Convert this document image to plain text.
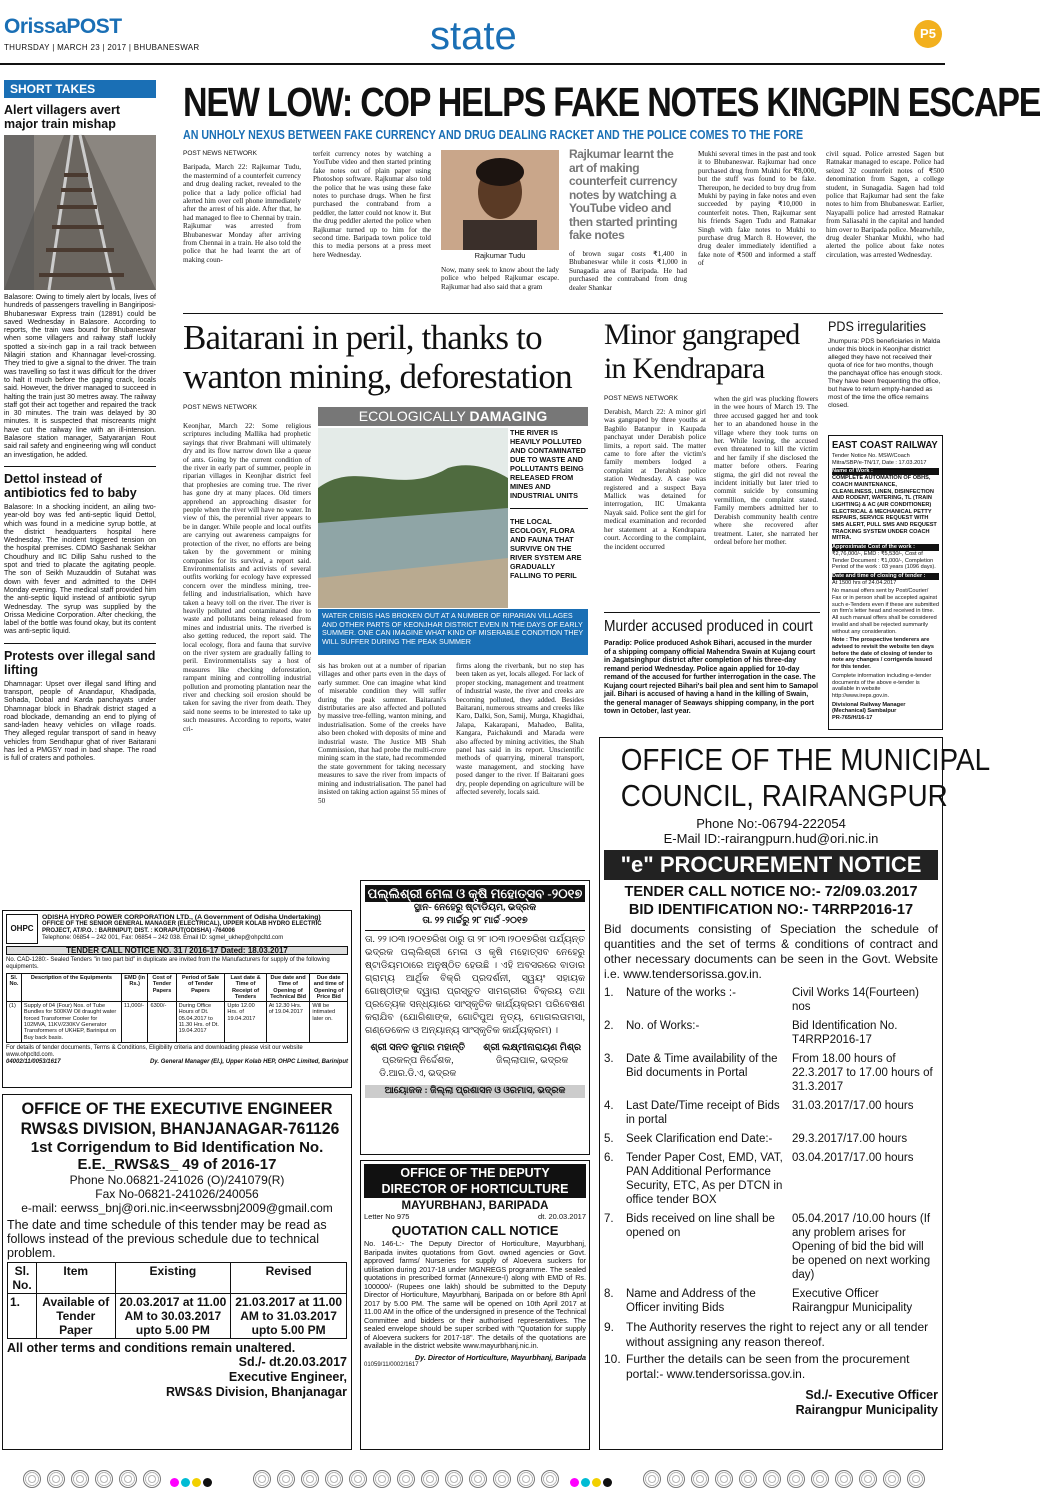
OrissaPOST
THURSDAY | MARCH 23 | 2017 | BHUBANESWAR	state	P5
SHORT TAKES
Alert villagers avert major train mishap
Balasore: Owing to timely alert by locals, lives of hundreds of passengers travelling in Bangiriposi-Bhubaneswar Express train (12891) could be saved Wednesday in Balasore. According to reports, the train was bound for Bhubaneswar when some villagers and railway staff luckily spotted a six-inch gap in a rail track between Nilagiri station and Khannagar level-crossing. They tried to give a signal to the driver. The train was travelling so fast it was difficult for the driver to halt it much before the gaping crack, locals said. However, the driver managed to succeed in halting the train just 30 metres away. The railway staff got their act together and repaired the track in 30 minutes. The train was delayed by 30 minutes. It is suspected that miscreants might have cut the railway line with an ill-intension. Balasore station manager, Satyaranjan Rout said rail safety and engineering wing will conduct an investigation, he added.
Dettol instead of antibiotics fed to baby
Balasore: In a shocking incident, an ailing two-year-old boy was fed anti-septic liquid Dettol, which was found in a medicine syrup bottle, at the district headquarters hospital here Wednesday. The incident triggered tension on the hospital premises. CDMO Sashanak Sekhar Choudhury and IIC Dillip Sahu rushed to the spot and tried to placate the agitating people. The son of Seikh Muzauddin of Sutahat was down with fever and admitted to the DHH Monday evening. The medical staff provided him the anti-septic liquid instead of antibiotic syrup Wednesday. The syrup was supplied by the Orissa Medicine Corporation. After checking, the label of the bottle was found okay, but its content was anti-septic liquid.
Protests over illegal sand lifting
Dhamnagar: Upset over illegal sand lifting and transport, people of Anandapur, Khadipada, Sohada, Dobal and Karda panchayats under Dhamnagar block in Bhadrak district staged a road blockade, demanding an end to plying of sand-laden heavy vehicles on village roads. They alleged regular transport of sand in heavy vehicles from Sendhapur ghat of river Baitarani has led a PMGSY road in bad shape. The road is full of craters and potholes.
NEW LOW: COP HELPS FAKE NOTES KINGPIN ESCAPE
AN UNHOLY NEXUS BETWEEN FAKE CURRENCY AND DRUG DEALING RACKET AND THE POLICE COMES TO THE FORE
POST NEWS NETWORK
Baripada, March 22: Rajkumar Tudu, the mastermind of a counterfeit currency and drug dealing racket, revealed to the police that a lady police official had alerted him over cell phone immediately after the arrest of his aide. After that, he had managed to flee to Chennai by train. Rajkumar was arrested from Bhubaneswar Monday after arriving from Chennai in a train. He also told the police that he had learnt the art of making coun-
terfeit currency notes by watching a YouTube video and then started printing fake notes out of plain paper using Photoshop software. Rajkumar also told the police that he was using these fake notes to purchase drugs. When he first purchased the contraband from a peddler, the latter could not know it. But the drug peddler alerted the police when Rajkumar turned up to him for the second time. Baripada town police told this to media persons at a press meet here Wednesday.	Rajkumar Tudu
Now, many seek to know about the lady police who helped Rajkumar escape. Rajkumar had also said that a gram
Rajkumar learnt the art of making counterfeit currency notes by watching a YouTube video and then started printing fake notes
of brown sugar costs ₹1,400 in Bhubaneswar while it costs ₹1,000 in Sunagadia area of Baripada. He had purchased the contraband from drug dealer Shankar
Mukhi several times in the past and took it to Bhubaneswar. Rajkumar had once purchased drug from Mukhi for ₹8,000, but the stuff was found to be fake. Thereupon, he decided to buy drug from Mukhi by paying in fake notes and even succeeded by paying ₹10,000 in counterfeit notes. Then, Rajkumar sent his friends Sagen Tudu and Ratnakar Singh with fake notes to Mukhi to purchase drug March 8. However, the drug dealer immediately identified a fake note of ₹500 and informed a staff of
civil squad. Police arrested Sagen but Ratnakar managed to escape. Police had seized 32 counterfeit notes of ₹500 denomination from Sagen, a college student, in Sunagadia. Sagen had told police that Rajkumar had sent the fake notes to him from Bhubaneswar. Earlier, Nayapalli police had arrested Ratnakar from Saliasahi in the capital and handed him over to Baripada police. Meanwhile, drug dealer Shankar Mukhi, who had alerted the police about fake notes circulation, was arrested Wednesday.
Baitarani in peril, thanks to wanton mining, deforestation
POST NEWS NETWORK
Keonjhar, March 22: Some religious scriptures including Mallika had prophetic sayings that river Brahmani will ultimately dry and its flow narrow down like a queue of ants. Going by the current condition of the river in early part of summer, people in riparian villages in Keonjhar district feel that prophesies are coming true. The river has gone dry at many places. Old timers apprehend an approaching disaster for people when the river will have no water. In view of this, the perennial river appears to be in danger. While people and local outfits are carrying out awareness campaigns for protection of the river, no efforts are being taken by the government or mining companies for its survival, a report said. Environmentalists and activists of several outfits working for ecology have expressed concern over the mindless mining, tree-felling and industrialisation, which have taken a heavy toll on the river. The river is heavily polluted and contaminated due to waste and pollutants being released from mines and industrial units. The riverbed is also getting reduced, the report said. The local ecology, flora and fauna that survive on the river system are gradually falling to peril. Environmentalists say a host of measures like checking deforestation, rampant mining and controlling industrial pollution and promoting plantation near the river and checking soil erosion should be taken for saving the river from death. They said none seems to be interested to take up such measures. According to reports, water cri-
ECOLOGICALLY DAMAGING
THE RIVER IS HEAVILY POLLUTED AND CONTAMINATED DUE TO WASTE AND POLLUTANTS BEING RELEASED FROM MINES AND INDUSTRIAL UNITS
THE LOCAL ECOLOGY, FLORA AND FAUNA THAT SURVIVE ON THE RIVER SYSTEM ARE GRADUALLY FALLING TO PERIL
WATER CRISIS HAS BROKEN OUT AT A NUMBER OF RIPARIAN VILLAGES AND OTHER PARTS OF KEONJHAR DISTRICT EVEN IN THE DAYS OF EARLY SUMMER. ONE CAN IMAGINE WHAT KIND OF MISERABLE CONDITION THEY WILL SUFFER DURING THE PEAK SUMMER
sis has broken out at a number of riparian villages and other parts even in the days of early summer. One can imagine what kind of miserable condition they will suffer during the peak summer. Baitarani's distributaries are also affected and polluted by massive tree-felling, wanton mining, and industrialisation. Some of the creeks have also been choked with deposits of mine and industrial waste. The Justice MB Shah Commission, that had probe the multi-crore mining scam in the state, had recommended the state government for taking necessary measures to save the river from impacts of mining and industrialisation. The panel had insisted on taking action against 55 mines of 50
firms along the riverbank, but no step has been taken as yet, locals alleged. For lack of proper stocking, management and treatment of industrial waste, the river and creeks are becoming polluted, they added. Besides Baitarani, numerous streams and creeks like Karo, Dalki, Son, Samij, Murga, Khagidhai, Jalapa, Kakarapani, Mahadeo, Balita, Kangara, Paichakundi and Marada were also affected by mining activities, the Shah panel has said in its report. Unscientific methods of quarrying, mineral transport, waste management, and stocking have posed danger to the river. If Baitarani goes dry, people depending on agriculture will be affected severely, locals said.
Minor gangraped in Kendrapara
POST NEWS NETWORK
Derabish, March 22: A minor girl was gangraped by three youths at Bagbilo Batanpur in Kaupada panchayat under Derabish police limits, a report said. The matter came to fore after the victim's family members lodged a complaint at Derabish police station Wednesday. A case was registered and a suspect Baya Mallick was detained for interrogation, IIC Umakanta Nayak said. Police sent the girl for medical examination and recorded her statement at a Kendrapara court. According to the complaint, the incident occurred
when the girl was plucking flowers in the wee hours of March 19. The three accused gagged her and took her to an abandoned house in the village where they took turns on her. While leaving, the accused even threatened to kill the victim and her family if she disclosed the matter before others. Fearing stigma, the girl did not reveal the incident initially but later tried to commit suicide by consuming vermillion, the complaint stated. Family members admitted her to Derabish community health centre where she recovered after treatment. Later, she narrated her ordeal before her mother.
Murder accused produced in court
Paradip: Police produced Ashok Bihari, accused in the murder of a shipping company official Mahendra Swain at Kujang court in Jagatsinghpur district after completion of his three-day remand period Wednesday. Police again applied for 10-day remand of the accused for further interrogation in the case. The Kujang court rejected Bihari's bail plea and sent him to Samapol jail. Bihari is accused of having a hand in the killing of Swain, the general manager of Seaways shipping company, in the port town in October, last year.
PDS irregularities
Jhumpura: PDS beneficiaries in Malda under this block in Keonjhar district alleged they have not received their quota of rice for two months, though the panchayat office has enough stock. They have been frequenting the office, but have to return empty-handed as most of the time the office remains closed.
EAST COAST RAILWAY
Tender Notice No. MSW/Coach Mitra/SBP/e-TN/17, Date : 17.03.2017
Name of Work :
COMPLETE AUTOMATION OF OBHS, COACH MAINTENANCE, CLEANLINESS, LINEN, DISINFECTION AND RODENT, WATERING, TL (TRAIN LIGHTING) & AC (AIR CONDITIONER) ELECTRICAL & MECHANICAL PETTY REPAIRS, SERVICE REQUEST WITH SMS ALERT, PULL SMS AND REQUEST TRACKING SYSTEM UNDER COACH MITRA.
Approximate Cost of the work :
₹2,76,000/-, EMD : ₹5,530/-, Cost of Tender Document : ₹1,000/-, Completion Period of the work : 03 years (1096 days).
Date and time of closing of tender :
At 1500 hrs of 24.04.2017
No manual offers sent by Post/Courier/ Fax or in person shall be accepted against such e-Tenders even if these are submitted on firm's letter head and received in time. All such manual offers shall be considered invalid and shall be rejected summarily without any consideration.
Note : The prospective tenderers are advised to revisit the website ten days before the date of closing of tender to note any changes / corrigenda issued for this tender.
Complete information including e-tender documents of the above e-tender is available in website http://www.ireps.gov.in.
Divisional Railway Manager (Mechanical) Sambalpur
PR-765/H/16-17
OHPC
ODISHA HYDRO POWER CORPORATION LTD., (A Government of Odisha Undertaking)
OFFICE OF THE SENIOR GENERAL MANAGER (ELECTRICAL), UPPER KOLAB HYDRO ELECTRIC PROJECT, AT/P.O. : BARINIPUT; DIST. : KORAPUT(ODISHA) -764006
Telephone: 06854 – 242 001, Fax: 06854 – 242 038. Email ID: sgmel_ukhep@ohpcltd.com
TENDER CALL NOTICE NO. 31 / 2016-17 Dated: 18.03.2017
No. CAD-1280:- Sealed Tenders "in two part bid" in duplicate are invited from the Manufacturers for supply of the following equipments.
Sl. No.	Description of the Equipments	EMD (in Rs.)	Cost of Tender Papers	Period of Sale of Tender Papers	Last date & Time of Receipt of Tenders	Due date and Time of Opening of Technical Bid	Due date and time of Opening of Price Bid
(1)	Supply of 04 (Four) Nos. of Tube Bundles for 500KW Oil draught water forced Transformer Cooler for 102MVA, 11KV/230KV Generator Transformers of UKHEP, Bariniput on Buy back basis.	11,000/-	6300/-	During Office Hours of Dt. 05.04.2017 to 11.30 Hrs. of Dt. 19.04.2017	Upto 12.00 Hrs. of 19.04.2017	At 12.30 Hrs. of 19.04.2017	Will be intimated later on.
For details of tender documents, Terms & Conditions, Eligibility criteria and downloading please visit our website www.ohpcltd.com.
04002/11/0053/1617	Dy. General Manager (El.), Upper Kolab HEP, OHPC Limited, Bariniput
ପଲ୍ଲିଶ୍ରୀ ମେଳା ଓ କୃଷି ମହୋତ୍ସବ -୨୦୧୭
ସ୍ଥାନ- ନେହେରୁ ଷ୍ଟାଡିୟମ, ଭଦ୍ରକ
ତା. ୨୨ ମାର୍ଚ୍ଚରୁ ୨୮ ମାର୍ଚ୍ଚ -୨୦୧୭
ତା. ୨୨।୦୩।୨୦୧୭ରିଖ ଠାରୁ ତା ୨୮।୦୩।୨୦୧୭ରିଖ ପର୍ଯ୍ୟନ୍ତ ଭଦ୍ରକ ପଲ୍ଲିଶ୍ରୀ ମେଳା ଓ କୃଷି ମହୋତ୍ସବ ନେହେରୁ ଷ୍ଟାଡିୟମଠାରେ ଅନୁଷ୍ଠିତ ହେଉଛି । ଏହି ଅବସରରେ ବାଡାର ଗ୍ରାମ୍ୟ ଆର୍ଥିକ ବିକ୍ରି ପ୍ରଦର୍ଶନୀ, ସ୍ୱୟଂ ସହାୟକ ଗୋଷ୍ଠୀଙ୍କ ଦ୍ୱାରା ପ୍ରସ୍ତୁତ ସାମଗ୍ରୀର ବିକ୍ରୟ ତଥା ପ୍ରତ୍ୟେକ ସନ୍ଧ୍ୟାରେ ସାଂସ୍କୃତିକ କାର୍ଯ୍ୟକ୍ରମ ପରିବେଷଣ କରାଯିବ (ଯୋଗିଶାଙ୍କ, ଗୋଟିପୁଅ ନୃତ୍ୟ, ମୋଗଲତାମସା, ଗଣ୍ଡେକେଳ ଓ ଅନ୍ୟାନ୍ୟ ସାଂସ୍କୃତିକ କାର୍ଯ୍ୟକ୍ରମ) ।
ଶ୍ରୀ ସନତ କୁମାର ମହାନ୍ତି
ପ୍ରକଳ୍ପ ନିର୍ଦ୍ଦେଶକ, ଡି.ଆର.ଡି.ଏ, ଭଦ୍ରକ
ଶ୍ରୀ ଲକ୍ଷ୍ମୀନାରାୟଣ ମିଶ୍ର
ଜିଲ୍ଲାପାଳ, ଭଦ୍ରକ
ଆୟୋଜକ : ଜିଲ୍ଲା ପ୍ରଶାସନ ଓ ଓରମାସ, ଭଦ୍ରକ
OFFICE OF THE DEPUTY
DIRECTOR OF HORTICULTURE
MAYURBHANJ, BARIPADA
Letter No 975	dt. 20.03.2017
QUOTATION CALL NOTICE
No. 146-L:- The Deputy Director of Horticulture, Mayurbhanj, Baripada invites quotations from Govt. owned agencies or Govt. approved farms/ Nurseries for supply of Aloevera suckers for utilisation during 2017-18 under MGNREGS programme. The sealed quotations in prescribed format (Annexure-I) along with EMD of Rs. 100000/- (Rupees one lakh) should be submitted to the Deputy Director of Horticulture, Mayurbhanj, Baripada on or before 8th April 2017 by 5.00 PM. The same will be opened on 10th April 2017 at 11.00 AM in the office of the undersigned in presence of the Technical Committee and bidders or their authorised representatives. The sealed envelope should be super scribed with "Quotation for supply of Aloevera suckers for 2017-18". The details of the quotations are available in the district website www.mayurbhanj.nic.in.
Dy. Director of Horticulture, Mayurbhanj, Baripada
01059/11/0002/1617
OFFICE OF THE EXECUTIVE ENGINEER
RWS&S DIVISION, BHANJANAGAR-761126
1st Corrigendum to Bid Identification No.
E.E._RWS&S_ 49 of 2016-17
Phone No.06821-241026 (O)/241079(R)
Fax No-06821-241026/240056
e-mail: eerwss_bnj@ori.nic.in<eerwssbnj2009@gmail.com
The date and time schedule of this tender may be read as follows instead of the previous schedule due to technical problem.
Sl. No.	Item	Existing	Revised
1.	Available of Tender Paper	20.03.2017 at 11.00 AM to 30.03.2017 upto 5.00 PM	21.03.2017 at 11.00 AM to 31.03.2017 upto 5.00 PM
All other terms and conditions remain unaltered.
Sd./- dt.20.03.2017
Executive Engineer,
RWS&S Division, Bhanjanagar
OFFICE OF THE MUNICIPAL
COUNCIL, RAIRANGPUR
Phone No:-06794-222054
E-Mail ID:-rairangpurn.hud@ori.nic.in
"e" PROCUREMENT NOTICE
TENDER CALL NOTICE NO:- 72/09.03.2017
BID IDENTIFICATION NO:- T4RRP2016-17
Bid documents consisting of Speciation the schedule of quantities and the set of terms & conditions of contract and other necessary documents can be seen in the Govt. Website i.e. www.tendersorissa.gov.in.
1.	Nature of the works :-	Civil Works 14(Fourteen) nos
2.	No. of Works:-	Bid Identification No. T4RRP2016-17
3.	Date & Time availability of the Bid documents in Portal
From 18.00 hours of 22.3.2017 to 17.00 hours of 31.3.2017
4.	Last Date/Time receipt of Bids in portal
31.03.2017/17.00 hours
5.	Seek Clarification end Date:-	29.3.2017/17.00 hours
6.	Tender Paper Cost, EMD, VAT, PAN Additional Performance Security, ETC, As per DTCN in office tender BOX
03.04.2017/17.00 hours
7.	Bids received on line shall be opened on
05.04.2017 /10.00 hours (If any problem arises for Opening of bid the bid will be opened on next working day)
8.	Name and Address of the Officer inviting Bids
Executive Officer Rairangpur Municipality
9. The Authority reserves the right to reject any or all tender without assigning any reason thereof.
10. Further the details can be seen from the procurement portal:- www.tendersorissa.gov.in.
Sd./- Executive Officer
Rairangpur Municipality
